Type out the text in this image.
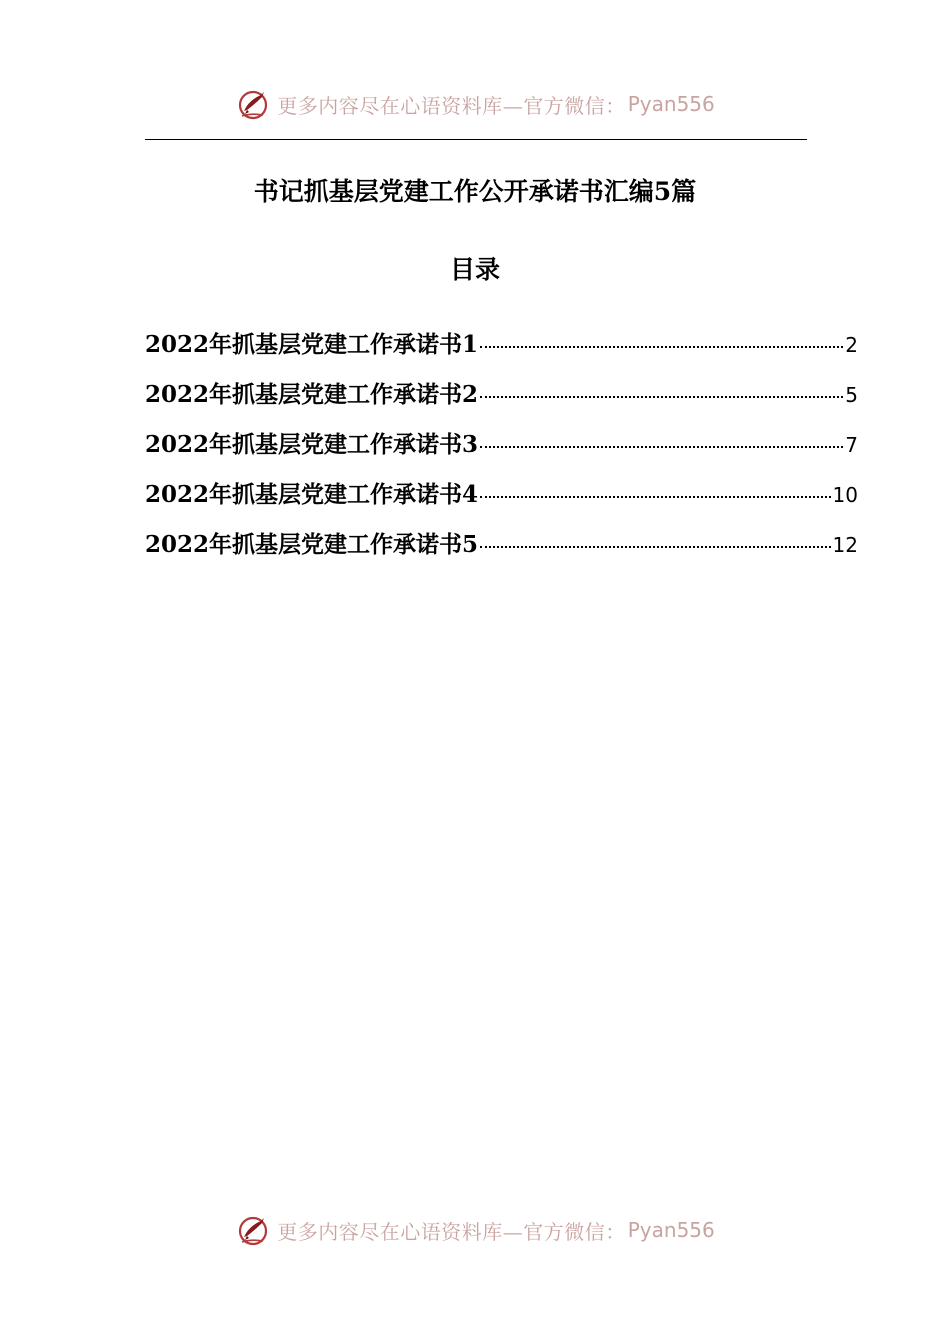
更多内容尽在心语资料库—官方微信： Pyan556
书记抓基层党建工作公开承诺书汇编5篇
目录
2022年抓基层党建工作承诺书1	2
2022年抓基层党建工作承诺书2	5
2022年抓基层党建工作承诺书3	7
2022年抓基层党建工作承诺书4	10
2022年抓基层党建工作承诺书5	12
更多内容尽在心语资料库—官方微信： Pyan556
